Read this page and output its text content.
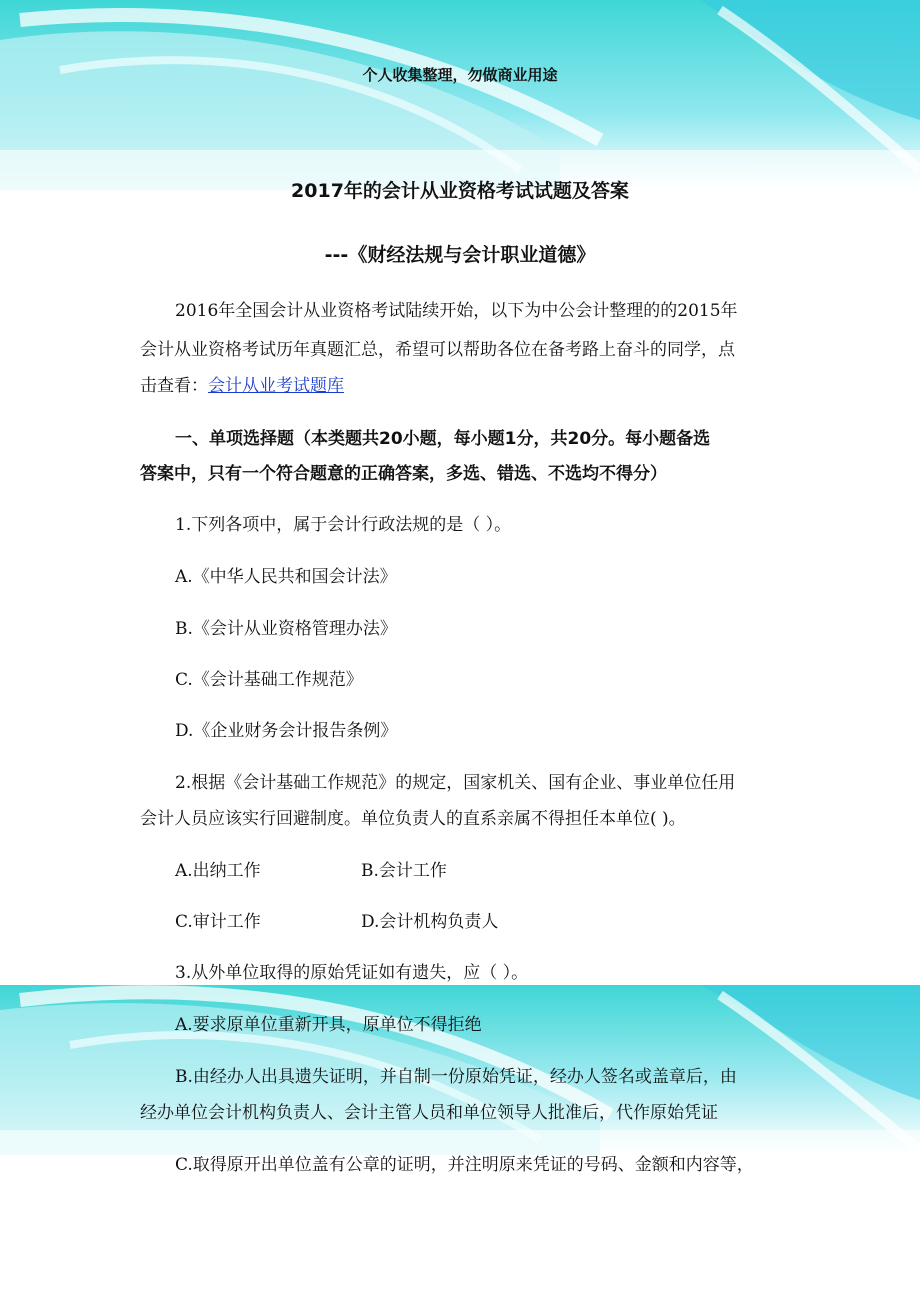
个人收集整理，勿做商业用途
2017年的会计从业资格考试试题及答案
---《财经法规与会计职业道德》
2016年全国会计从业资格考试陆续开始，以下为中公会计整理的的2015年
会计从业资格考试历年真题汇总，希望可以帮助各位在备考路上奋斗的同学，点
击查看：会计从业考试题库
一、单项选择题（本类题共20小题，每小题1分，共20分。每小题备选
答案中，只有一个符合题意的正确答案，多选、错选、不选均不得分）
1.下列各项中，属于会计行政法规的是（ ）。
A.《中华人民共和国会计法》
B.《会计从业资格管理办法》
C.《会计基础工作规范》
D.《企业财务会计报告条例》
2.根据《会计基础工作规范》的规定，国家机关、国有企业、事业单位任用
会计人员应该实行回避制度。单位负责人的直系亲属不得担任本单位( )。
A.出纳工作	B.会计工作
C.审计工作	D.会计机构负责人
3.从外单位取得的原始凭证如有遗失，应（ ）。
A.要求原单位重新开具，原单位不得拒绝
B.由经办人出具遗失证明，并自制一份原始凭证，经办人签名或盖章后，由
经办单位会计机构负责人、会计主管人员和单位领导人批准后，代作原始凭证
C.取得原开出单位盖有公章的证明，并注明原来凭证的号码、金额和内容等，
